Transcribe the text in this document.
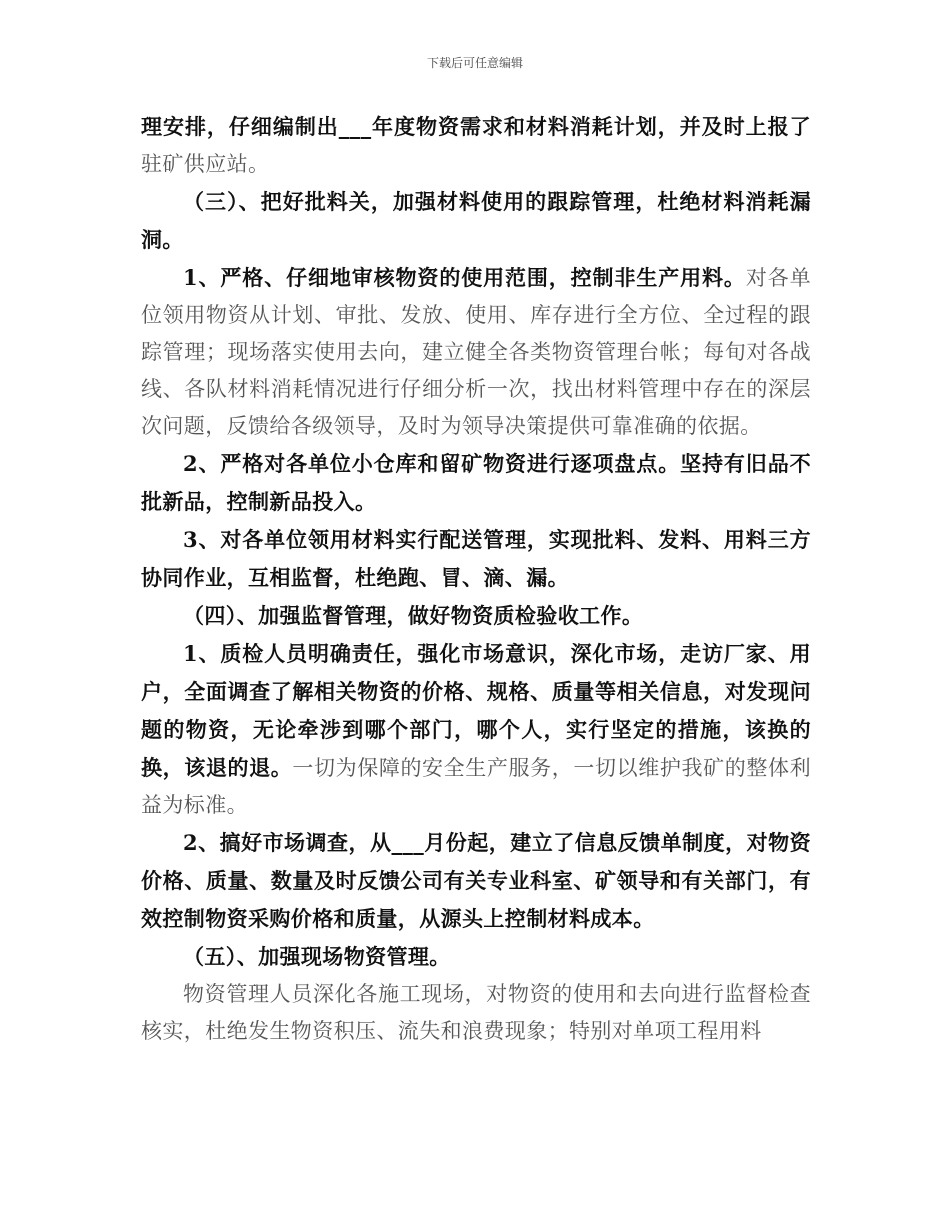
下载后可任意编辑

理安排，仔细编制出___年度物资需求和材料消耗计划，并及时上报了驻矿供应站。

（三）、把好批料关，加强材料使用的跟踪管理，杜绝材料消耗漏洞。

1、严格、仔细地审核物资的使用范围，控制非生产用料。对各单位领用物资从计划、审批、发放、使用、库存进行全方位、全过程的跟踪管理；现场落实使用去向，建立健全各类物资管理台帐；每旬对各战线、各队材料消耗情况进行仔细分析一次，找出材料管理中存在的深层次问题，反馈给各级领导，及时为领导决策提供可靠准确的依据。

2、严格对各单位小仓库和留矿物资进行逐项盘点。坚持有旧品不批新品，控制新品投入。

3、对各单位领用材料实行配送管理，实现批料、发料、用料三方协同作业，互相监督，杜绝跑、冒、滴、漏。

（四）、加强监督管理，做好物资质检验收工作。

1、质检人员明确责任，强化市场意识，深化市场，走访厂家、用户，全面调查了解相关物资的价格、规格、质量等相关信息，对发现问题的物资，无论牵涉到哪个部门，哪个人，实行坚定的措施，该换的换，该退的退。一切为保障的安全生产服务，一切以维护我矿的整体利益为标准。

2、搞好市场调查，从___月份起，建立了信息反馈单制度，对物资价格、质量、数量及时反馈公司有关专业科室、矿领导和有关部门，有效控制物资采购价格和质量，从源头上控制材料成本。

（五）、加强现场物资管理。

物资管理人员深化各施工现场，对物资的使用和去向进行监督检查核实，杜绝发生物资积压、流失和浪费现象；特别对单项工程用料
